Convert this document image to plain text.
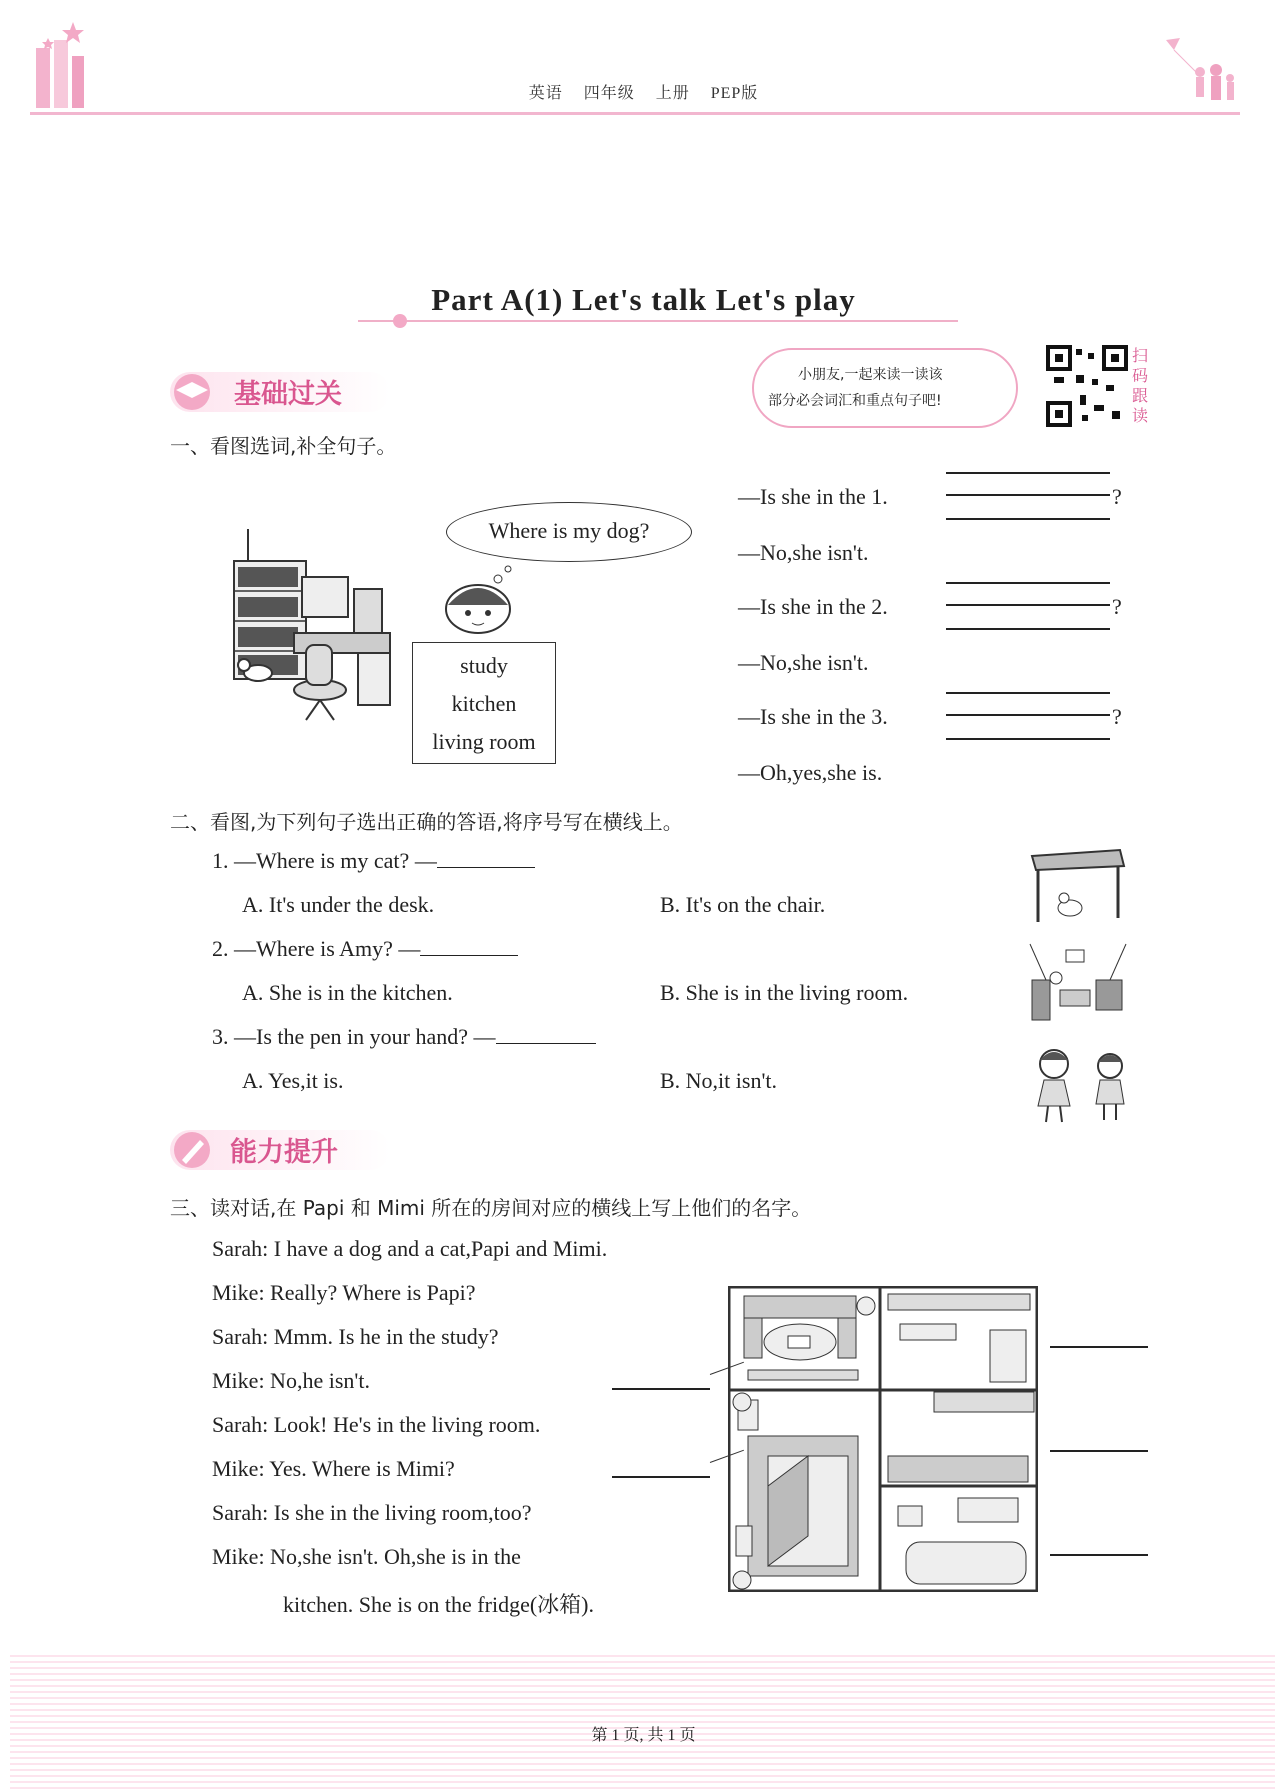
英语 四年级 上册 PEP版
Part A(1) Let's talk Let's play
基础过关
小朋友,一起来读一读该
部分必会词汇和重点句子吧!
扫
码
跟
读
一、看图选词,补全句子。
Where is my dog?
study
kitchen
living room
—Is she in the 1.	?
—No,she isn't.
—Is she in the 2.	?
—No,she isn't.
—Is she in the 3.	?
—Oh,yes,she is.
二、看图,为下列句子选出正确的答语,将序号写在横线上。
1. —Where is my cat? —
A. It's under the desk.	B. It's on the chair.
2. —Where is Amy? —
A. She is in the kitchen.	B. She is in the living room.
3. —Is the pen in your hand? —
A. Yes,it is.	B. No,it isn't.
能力提升
三、读对话,在 Papi 和 Mimi 所在的房间对应的横线上写上他们的名字。
Sarah: I have a dog and a cat,Papi and Mimi.
Mike: Really? Where is Papi?
Sarah: Mmm. Is he in the study?
Mike: No,he isn't.
Sarah: Look! He's in the living room.
Mike: Yes. Where is Mimi?
Sarah: Is she in the living room,too?
Mike: No,she isn't. Oh,she is in the
kitchen. She is on the fridge(冰箱).
第 1 页, 共 1 页
